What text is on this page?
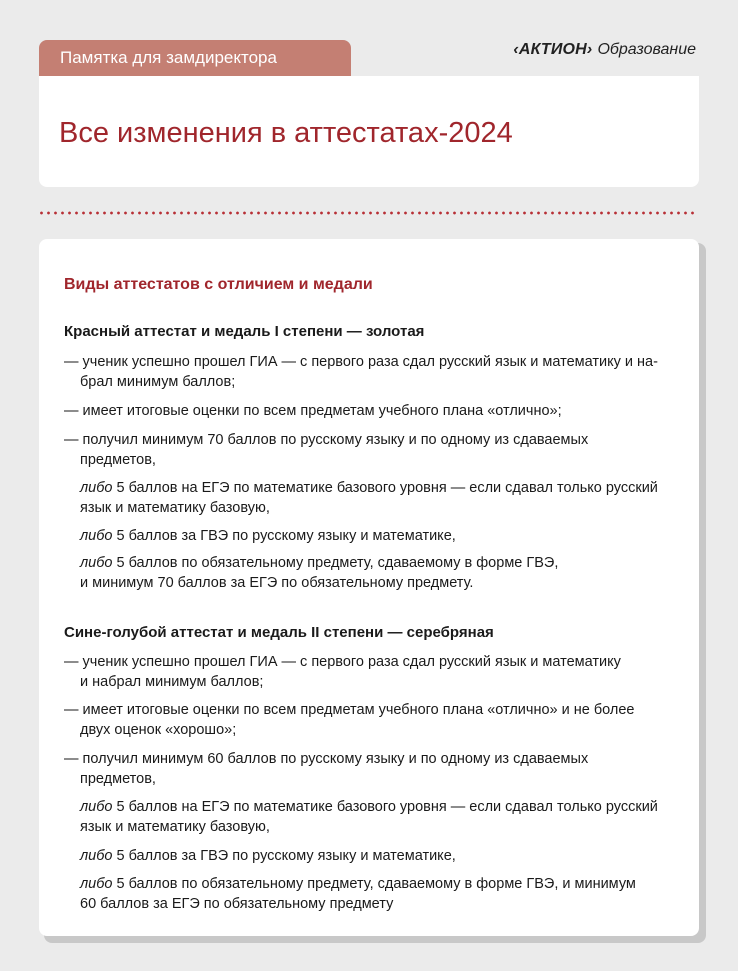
Памятка для замдиректора	‹АКТИОН› Образование
Все изменения в аттестатах-2024
Виды аттестатов с отличием и медали
Красный аттестат и медаль I степени — золотая

— ученик успешно прошел ГИА — с первого раза сдал русский язык и математику и на-

брал минимум баллов;

— имеет итоговые оценки по всем предметам учебного плана «отлично»;

— получил минимум 70 баллов по русскому языку и по одному из сдаваемых

предметов,

либо 5 баллов на ЕГЭ по математике базового уровня — если сдавал только русский

язык и математику базовую,

либо 5 баллов за ГВЭ по русскому языку и математике,

либо 5 баллов по обязательному предмету, сдаваемому в форме ГВЭ,

и минимум 70 баллов за ЕГЭ по обязательному предмету.

Сине-голубой аттестат и медаль II степени — серебряная

— ученик успешно прошел ГИА — с первого раза сдал русский язык и математику

и набрал минимум баллов;

— имеет итоговые оценки по всем предметам учебного плана «отлично» и не более

двух оценок «хорошо»;

— получил минимум 60 баллов по русскому языку и по одному из сдаваемых

предметов,

либо 5 баллов на ЕГЭ по математике базового уровня — если сдавал только русский

язык и математику базовую,

либо 5 баллов за ГВЭ по русскому языку и математике,

либо 5 баллов по обязательному предмету, сдаваемому в форме ГВЭ, и минимум

60 баллов за ЕГЭ по обязательному предмету
